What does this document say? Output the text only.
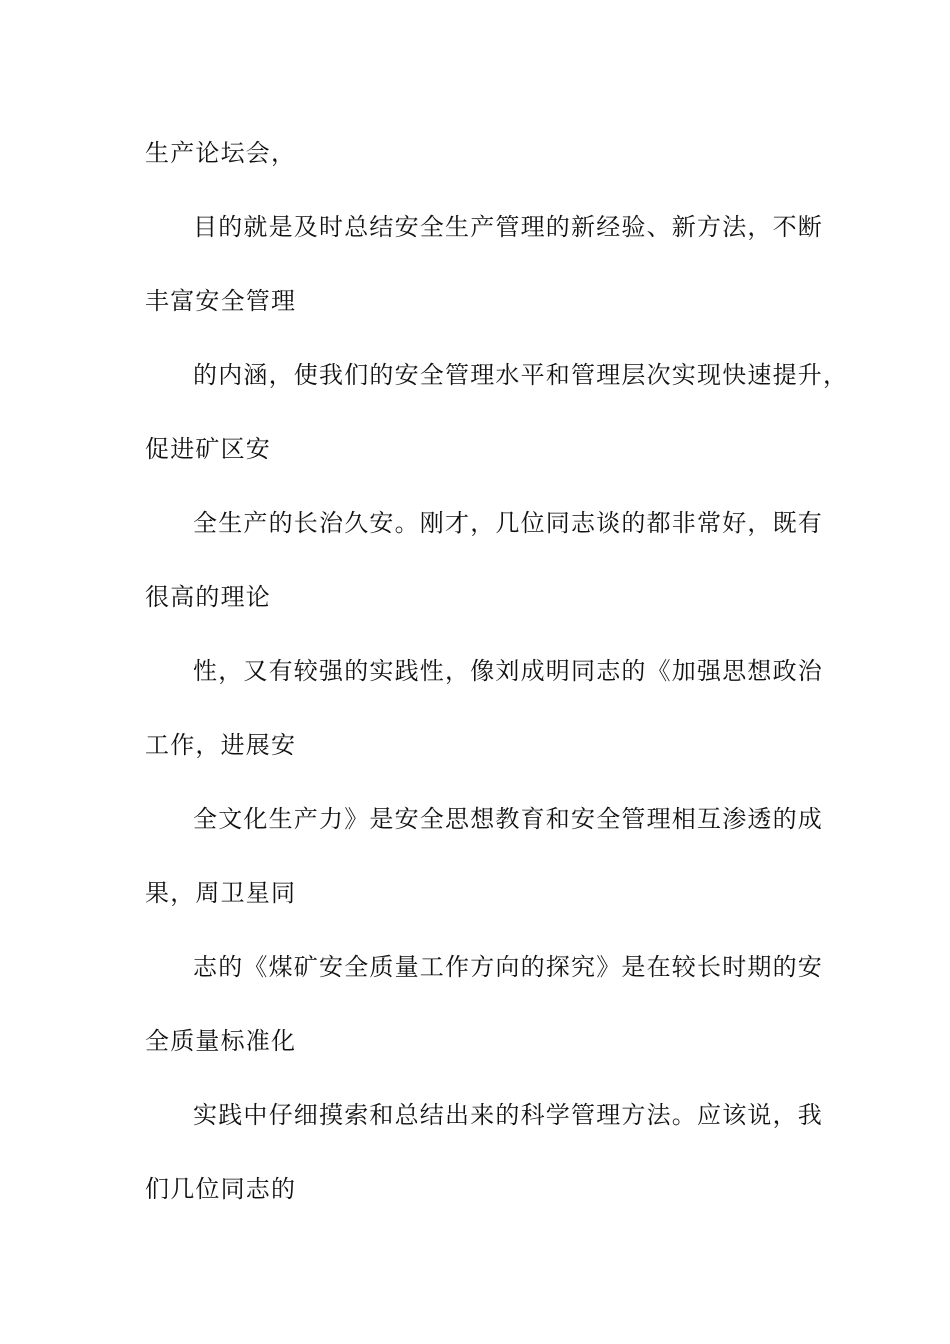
生产论坛会，
目的就是及时总结安全生产管理的新经验、新方法，不断
丰富安全管理
的内涵，使我们的安全管理水平和管理层次实现快速提升，
促进矿区安
全生产的长治久安。刚才，几位同志谈的都非常好，既有
很高的理论
性，又有较强的实践性，像刘成明同志的《加强思想政治
工作，进展安
全文化生产力》是安全思想教育和安全管理相互渗透的成
果，周卫星同
志的《煤矿安全质量工作方向的探究》是在较长时期的安
全质量标准化
实践中仔细摸索和总结出来的科学管理方法。应该说，我
们几位同志的
